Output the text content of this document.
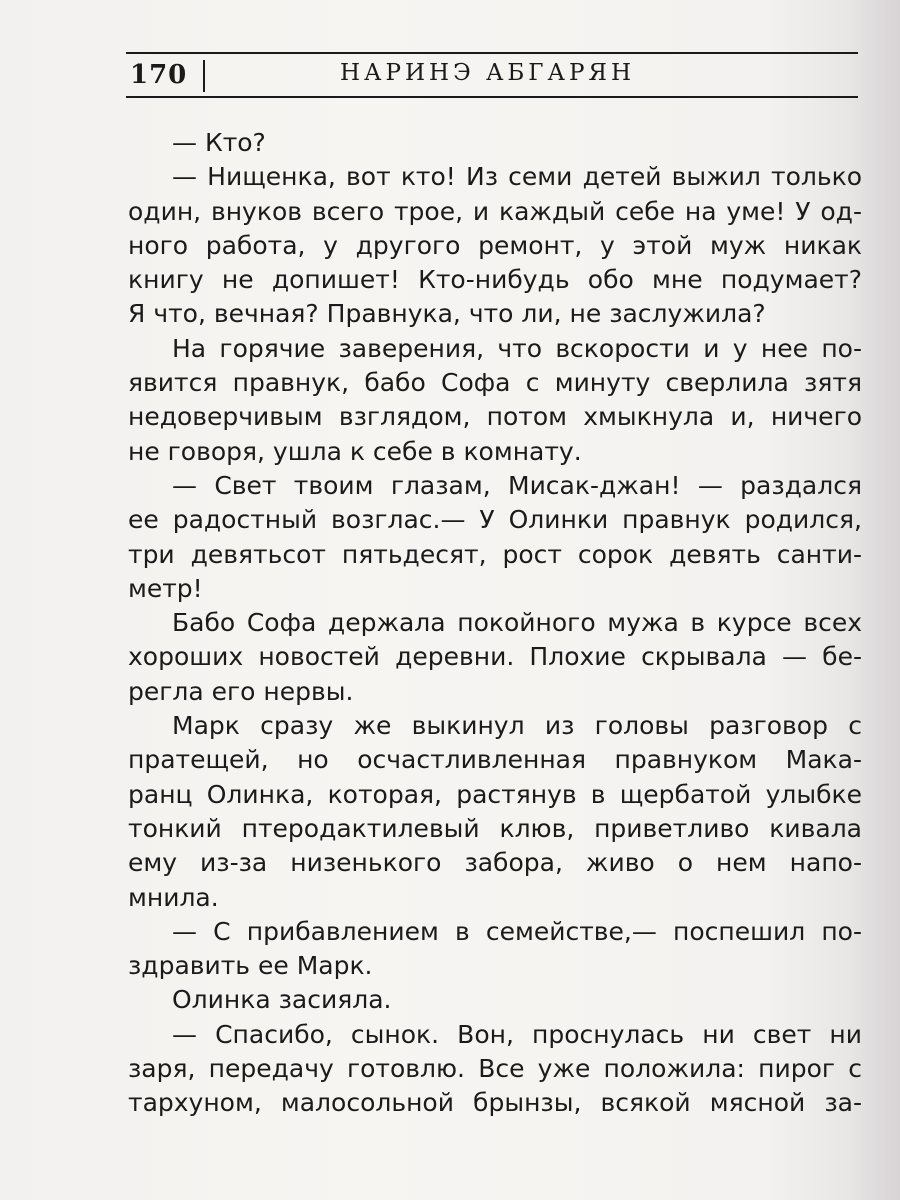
170	НАРИНЭ АБГАРЯН
— Кто?
— Нищенка, вот кто! Из семи детей выжил только
один, внуков всего трое, и каждый себе на уме! У од-
ного работа, у другого ремонт, у этой муж никак
книгу не допишет! Кто-нибудь обо мне подумает?
Я что, вечная? Правнука, что ли, не заслужила?
На горячие заверения, что вскорости и у нее по-
явится правнук, бабо Софа с минуту сверлила зятя
недоверчивым взглядом, потом хмыкнула и, ничего
не говоря, ушла к себе в комнату.
— Свет твоим глазам, Мисак-джан! — раздался
ее радостный возглас.— У Олинки правнук родился,
три девятьсот пятьдесят, рост сорок девять санти-
метр!
Бабо Софа держала покойного мужа в курсе всех
хороших новостей деревни. Плохие скрывала — бе-
регла его нервы.
Марк сразу же выкинул из головы разговор с
пратещей, но осчастливленная правнуком Мака-
ранц Олинка, которая, растянув в щербатой улыбке
тонкий птеродактилевый клюв, приветливо кивала
ему из-за низенького забора, живо о нем напо-
мнила.
— С прибавлением в семействе,— поспешил по-
здравить ее Марк.
Олинка засияла.
— Спасибо, сынок. Вон, проснулась ни свет ни
заря, передачу готовлю. Все уже положила: пирог с
тархуном, малосольной брынзы, всякой мясной за-
